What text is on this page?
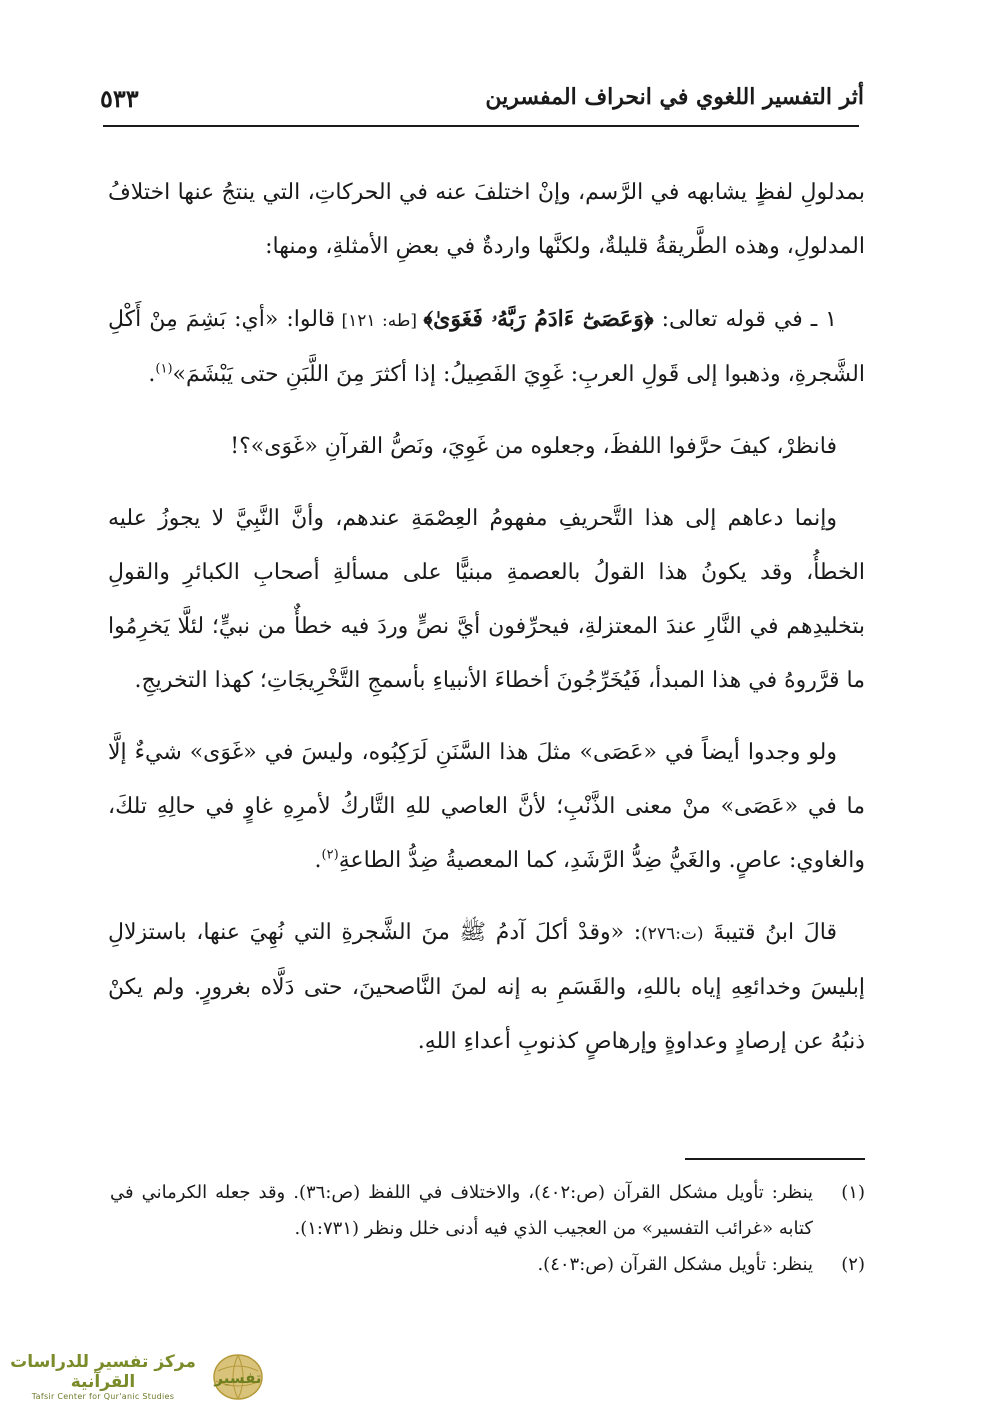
أثر التفسير اللغوي في انحراف المفسرين
٥٣٣

بمدلولِ لفظٍ يشابهه في الرَّسم، وإنْ اختلفَ عنه في الحركاتِ، التي ينتجُ عنها اختلافُ المدلولِ، وهذه الطَّريقةُ قليلةٌ، ولكنَّها واردةٌ في بعضِ الأمثلةِ، ومنها:

١ ـ في قوله تعالى: ﴿وَعَصَىٰٓ ءَادَمُ رَبَّهُۥ فَغَوَىٰ﴾ [طه: ١٢١] قالوا: «أي: بَشِمَ مِنْ أَكْلِ الشَّجرةِ، وذهبوا إلى قَولِ العربِ: غَوِيَ الفَصِيلُ: إذا أكثرَ مِنَ اللَّبَنِ حتى يَبْشَمَ»$^{(١)}$.

فانظرْ، كيفَ حرَّفوا اللفظَ، وجعلوه من غَوِيَ، ونَصُّ القرآنِ «غَوَى»؟!

وإنما دعاهم إلى هذا التَّحريفِ مفهومُ العِصْمَةِ عندهم، وأنَّ النَّبِيَّ لا يجوزُ عليه الخطأُ، وقد يكونُ هذا القولُ بالعصمةِ مبنيًّا على مسألةِ أصحابِ الكبائرِ والقولِ بتخليدِهم في النَّارِ عندَ المعتزلةِ، فيحرِّفون أيَّ نصٍّ وردَ فيه خطأٌ من نبيٍّ؛ لئلَّا يَخرِمُوا ما قرَّروهُ في هذا المبدأ، فَيُخَرِّجُونَ أخطاءَ الأنبياءِ بأسمجِ التَّخْرِيجَاتِ؛ كهذا التخريجِ.

ولو وجدوا أيضاً في «عَصَى» مثلَ هذا السَّنَنِ لَرَكِبُوه، وليسَ في «غَوَى» شيءٌ إلَّا ما في «عَصَى» منْ معنى الذَّنْبِ؛ لأنَّ العاصي للهِ التَّاركُ لأمرِهِ غاوٍ في حالِهِ تلكَ، والغاوي: عاصٍ. والغَيُّ ضِدُّ الرَّشَدِ، كما المعصيةُ ضِدُّ الطاعةِ$^{(٢)}$.

قالَ ابنُ قتيبةَ (ت:٢٧٦): «وقدْ أكلَ آدمُ ﷺ منَ الشَّجرةِ التي نُهِيَ عنها، باستزلالِ إبليسَ وخدائعِهِ إياه باللهِ، والقَسَمِ به إنه لمنَ النَّاصحينَ، حتى دَلَّاه بغرورٍ. ولم يكنْ ذنبُهُ عن إرصادٍ وعداوةٍ وإرهاصٍ كذنوبِ أعداءِ اللهِ.

(١)
ينظر: تأويل مشكل القرآن (ص:٤٠٢)، والاختلاف في اللفظ (ص:٣٦). وقد جعله الكرماني في كتابه «غرائب التفسير» من العجيب الذي فيه أدنى خلل ونظر (١:٧٣١).
(٢)
ينظر: تأويل مشكل القرآن (ص:٤٠٣).
مركز تفسير للدراسات القرآنية
Tafsir Center for Qur'anic Studies
تفسير
